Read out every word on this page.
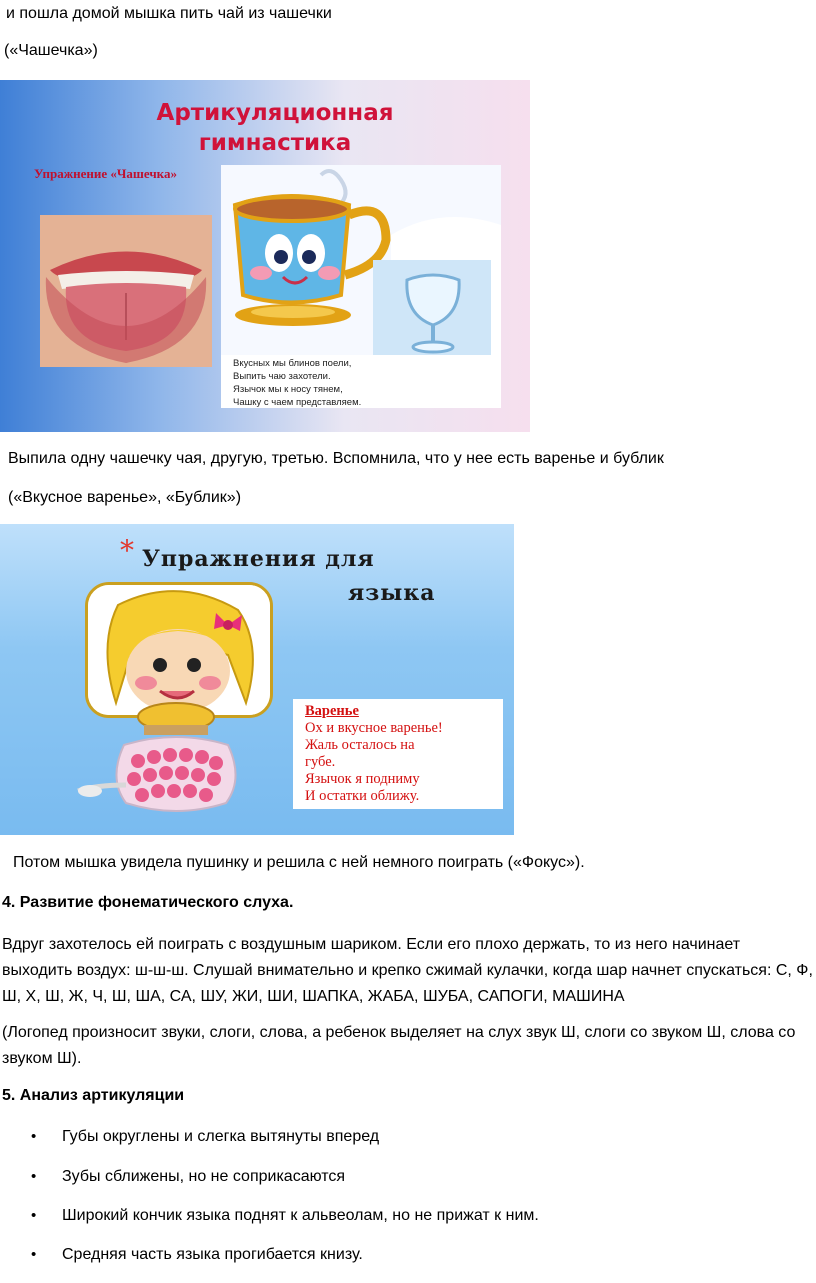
и пошла домой мышка пить чай из чашечки
(«Чашечка»)
Артикуляционная гимнастика
Упражнение «Чашечка»
Вкусных мы блинов поели,
Выпить чаю захотели.
Язычок мы к носу тянем,
Чашку с чаем представляем.
Выпила одну чашечку чая, другую, третью. Вспомнила, что у нее есть варенье и бублик
(«Вкусное варенье», «Бублик»)
* Упражнения для
языка
Варенье
Ох и вкусное варенье!
Жаль осталось на
губе.
Язычок я подниму
И остатки оближу.
Потом мышка увидела пушинку и решила с ней немного поиграть («Фокус»).
4. Развитие фонематического слуха.
Вдруг захотелось ей поиграть с воздушным шариком. Если его плохо держать, то из него начинает выходить воздух: ш-ш-ш. Слушай внимательно и крепко сжимай кулачки, когда шар начнет спускаться: С, Ф, Ш, Х, Ш, Ж, Ч, Ш, ША, СА, ШУ, ЖИ, ШИ, ШАПКА, ЖАБА, ШУБА, САПОГИ, МАШИНА
(Логопед произносит звуки, слоги, слова, а ребенок выделяет на слух звук Ш, слоги со звуком Ш, слова со звуком Ш).
5. Анализ артикуляции
• Губы округлены и слегка вытянуты вперед
• Зубы сближены, но не соприкасаются
• Широкий кончик языка поднят к альвеолам, но не прижат к ним.
• Средняя часть языка прогибается книзу.
